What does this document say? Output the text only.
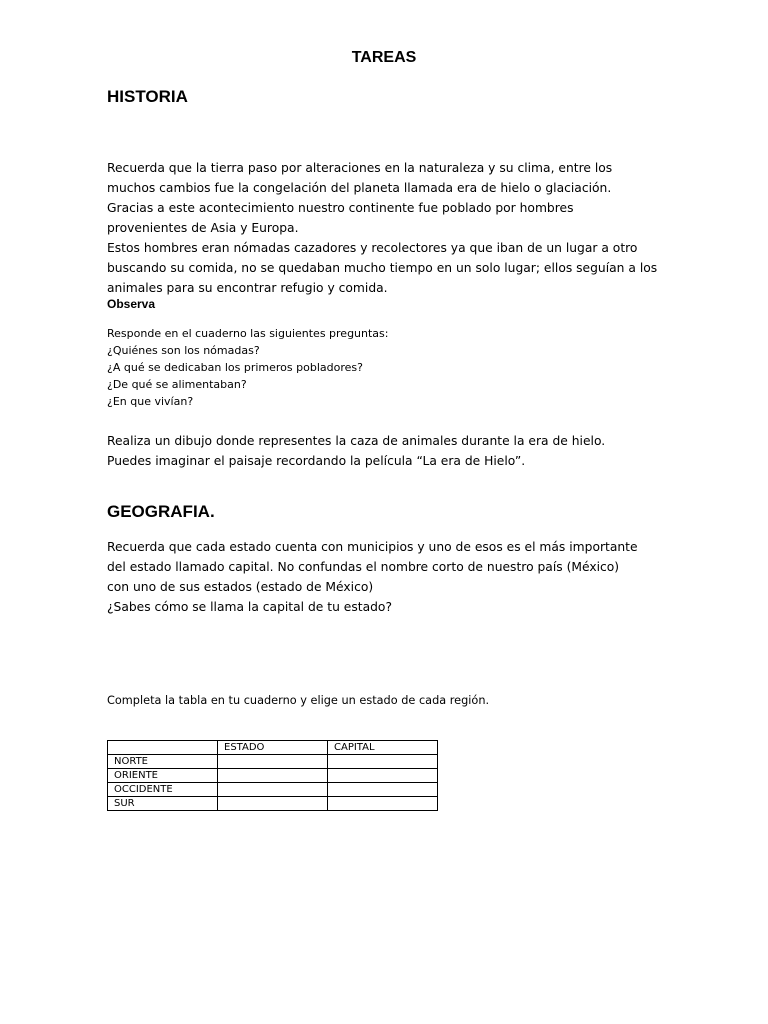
TAREAS
HISTORIA
Recuerda que la tierra paso por alteraciones en la naturaleza y su clima, entre los
muchos cambios fue la congelación del planeta llamada era de hielo o glaciación.
Gracias a este acontecimiento nuestro continente fue poblado por hombres
provenientes de Asia y Europa.
Estos hombres eran nómadas cazadores y recolectores ya que iban de un lugar a otro
buscando su comida, no se quedaban mucho tiempo en un solo lugar; ellos seguían a los
animales para su encontrar refugio y comida.
Observa
Responde en el cuaderno las siguientes preguntas:
¿Quiénes son los nómadas?
¿A qué se dedicaban los primeros pobladores?
¿De qué se alimentaban?
¿En que vivían?
Realiza un dibujo donde representes la caza de animales durante la era de hielo.
Puedes imaginar el paisaje recordando la película “La era de Hielo”.
GEOGRAFIA.
Recuerda que cada estado cuenta con municipios y uno de esos es el más importante
del estado llamado capital. No confundas el nombre corto de nuestro país (México)
con uno de sus estados (estado de México)
¿Sabes cómo se llama la capital de tu estado?
Completa la tabla en tu cuaderno y elige un estado de cada región.
	ESTADO	CAPITAL
NORTE		
ORIENTE		
OCCIDENTE		
SUR		
